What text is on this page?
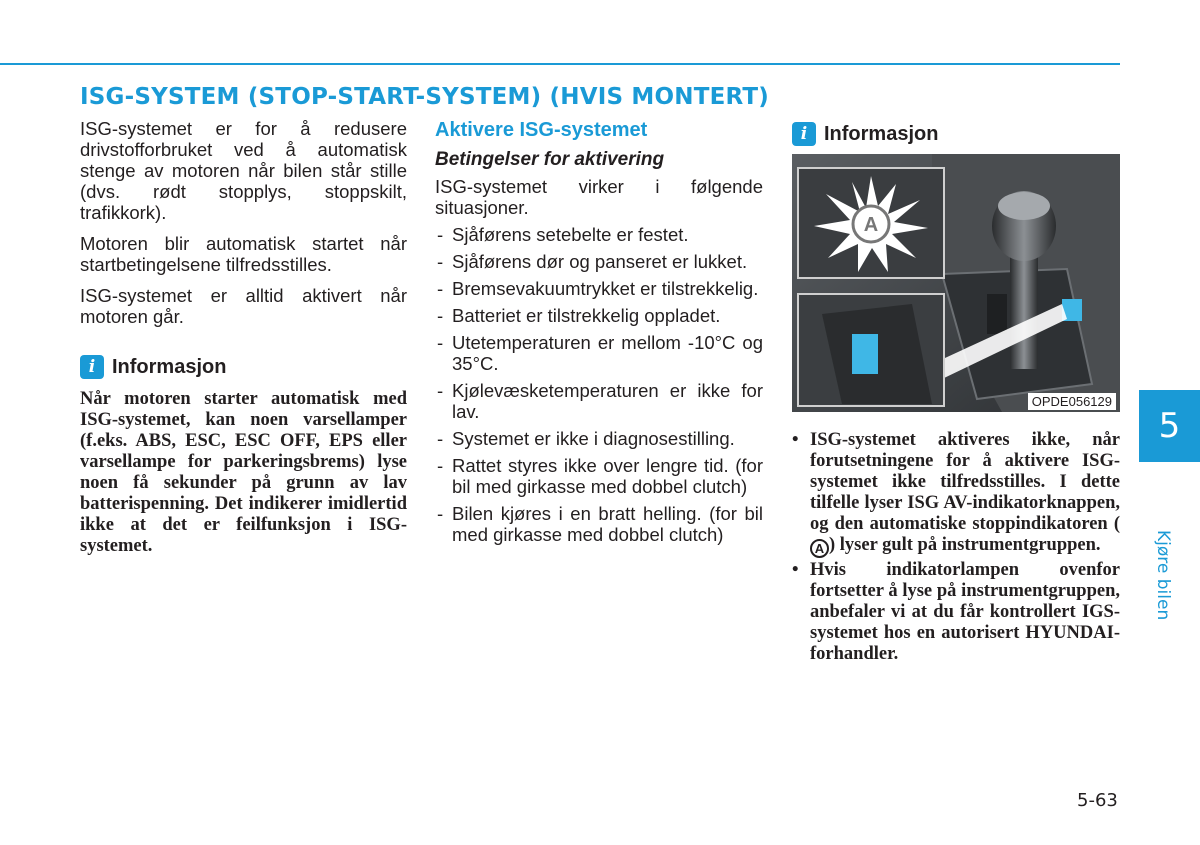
ISG-SYSTEM (STOP-START-SYSTEM) (HVIS MONTERT)

ISG-systemet er for å redusere drivstofforbruket ved å automatisk stenge av motoren når bilen står stille (dvs. rødt stopplys, stoppskilt, trafikkork).

Motoren blir automatisk startet når startbetingelsene tilfredsstilles.

ISG-systemet er alltid aktivert når motoren går.

i Informasjon

Når motoren starter automatisk med ISG-systemet, kan noen varsellamper (f.eks. ABS, ESC, ESC OFF, EPS eller varsellampe for parkeringsbrems) lyse noen få sekunder på grunn av lav batterispenning. Det indikerer imidlertid ikke at det er feilfunksjon i ISG-systemet.

Aktivere ISG-systemet
Betingelser for aktivering

ISG-systemet virker i følgende situasjoner.

- Sjåførens setebelte er festet.
- Sjåførens dør og panseret er lukket.
- Bremsevakuumtrykket er tilstrekkelig.
- Batteriet er tilstrekkelig oppladet.
- Utetemperaturen er mellom -10°C og 35°C.
- Kjølevæsketemperaturen er ikke for lav.
- Systemet er ikke i diagnosestilling.
- Rattet styres ikke over lengre tid. (for bil med girkasse med dobbel clutch)
- Bilen kjøres i en bratt helling. (for bil med girkasse med dobbel clutch)
i Informasjon
A
OPDE056129
• ISG-systemet aktiveres ikke, når forutsetningene for å aktivere ISG-systemet ikke tilfredsstilles. I dette tilfelle lyser ISG AV-indikatorknappen, og den automatiske stoppindikatoren (A ) lyser gult på instrumentgruppen.
• Hvis indikatorlampen ovenfor fortsetter å lyse på instrumentgruppen, anbefaler vi at du får kontrollert IGS-systemet hos en autorisert HYUNDAI-forhandler.
5
Kjøre bilen
5-63
